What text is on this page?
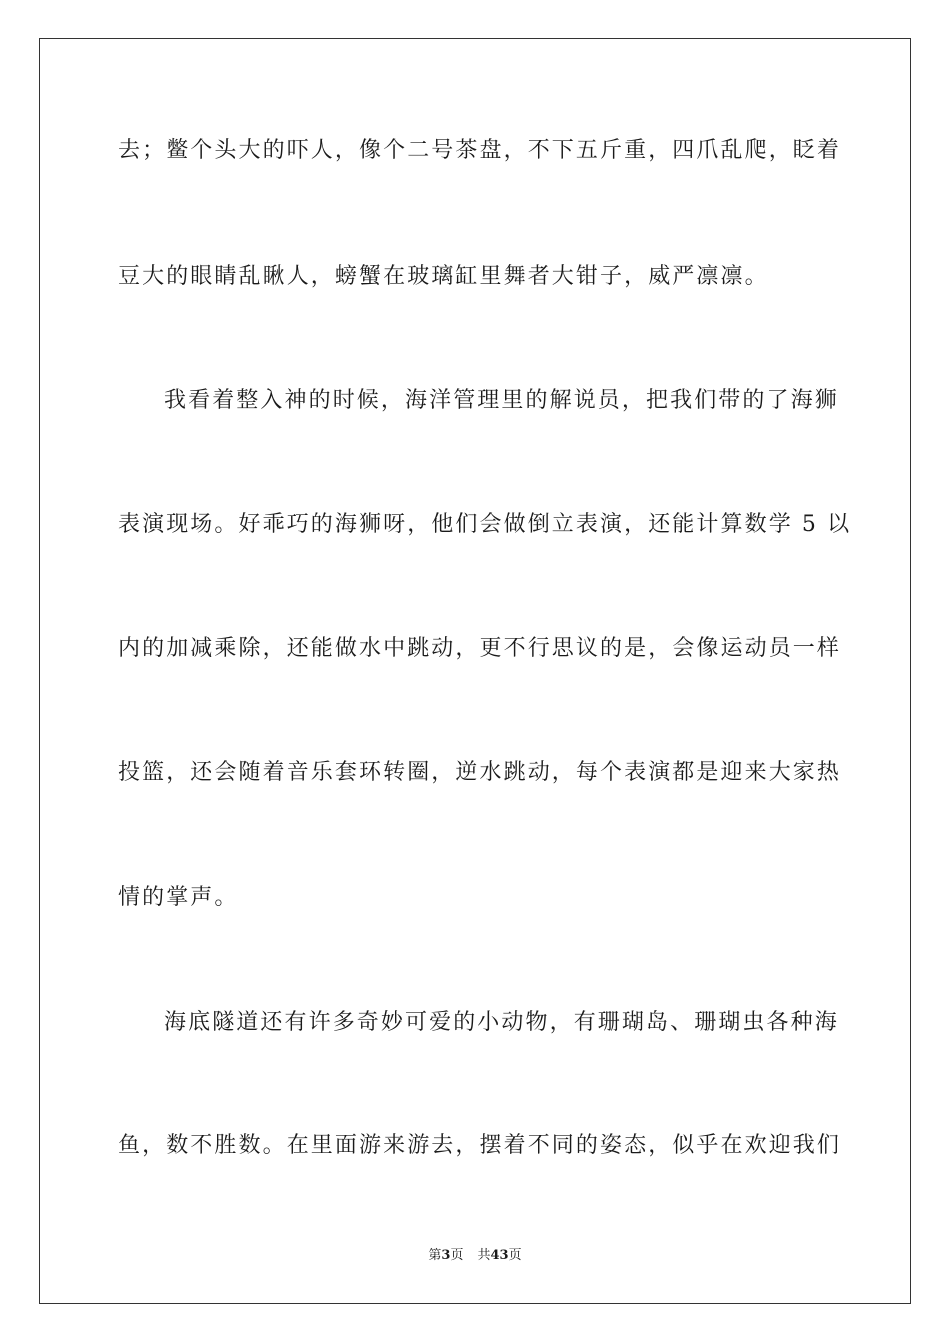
去；鳖个头大的吓人，像个二号茶盘，不下五斤重，四爪乱爬，眨着
豆大的眼睛乱瞅人，螃蟹在玻璃缸里舞者大钳子，威严凛凛。
我看着整入神的时候，海洋管理里的解说员，把我们带的了海狮
表演现场。好乖巧的海狮呀，他们会做倒立表演，还能计算数学 5 以
内的加减乘除，还能做水中跳动，更不行思议的是，会像运动员一样
投篮，还会随着音乐套环转圈，逆水跳动，每个表演都是迎来大家热
情的掌声。
海底隧道还有许多奇妙可爱的小动物，有珊瑚岛、珊瑚虫各种海
鱼，数不胜数。在里面游来游去，摆着不同的姿态，似乎在欢迎我们
第3页 共43页
